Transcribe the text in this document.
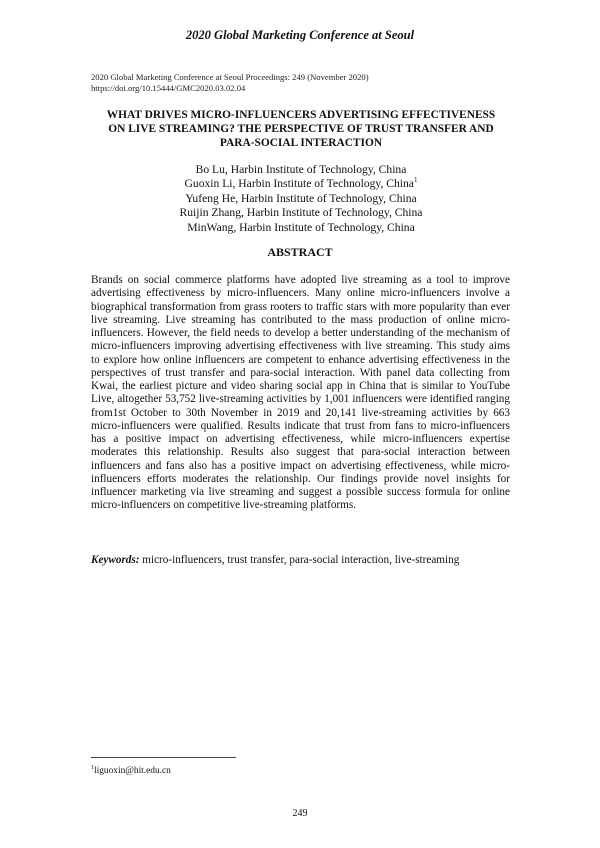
2020 Global Marketing Conference at Seoul
2020 Global Marketing Conference at Seoul Proceedings: 249 (November 2020)
https://doi.org/10.15444/GMC2020.03.02.04
WHAT DRIVES MICRO-INFLUENCERS ADVERTISING EFFECTIVENESS
ON LIVE STREAMING? THE PERSPECTIVE OF TRUST TRANSFER AND
PARA-SOCIAL INTERACTION
Bo Lu, Harbin Institute of Technology, China
Guoxin Li, Harbin Institute of Technology, China$^1$
Yufeng He, Harbin Institute of Technology, China
Ruijin Zhang, Harbin Institute of Technology, China
MinWang, Harbin Institute of Technology, China
ABSTRACT

Brands on social commerce platforms have adopted live streaming as a tool to improve advertising effectiveness by micro-influencers. Many online micro-influencers involve a biographical transformation from grass rooters to traffic stars with more popularity than ever live streaming. Live streaming has contributed to the mass production of online micro-influencers. However, the field needs to develop a better understanding of the mechanism of micro-influencers improving advertising effectiveness with live streaming. This study aims to explore how online influencers are competent to enhance advertising effectiveness in the perspectives of trust transfer and para-social interaction. With panel data collecting from Kwai, the earliest picture and video sharing social app in China that is similar to YouTube Live, altogether 53,752 live-streaming activities by 1,001 influencers were identified ranging from1st October to 30th November in 2019 and 20,141 live-streaming activities by 663 micro-influencers were qualified. Results indicate that trust from fans to micro-influencers has a positive impact on advertising effectiveness, while micro-influencers expertise moderates this relationship. Results also suggest that para-social interaction between influencers and fans also has a positive impact on advertising effectiveness, while micro-influencers efforts moderates the relationship. Our findings provide novel insights for influencer marketing via live streaming and suggest a possible success formula for online micro-influencers on competitive live-streaming platforms.

Keywords: micro-influencers, trust transfer, para-social interaction, live-streaming

$^1$liguoxin@hit.edu.cn
249
